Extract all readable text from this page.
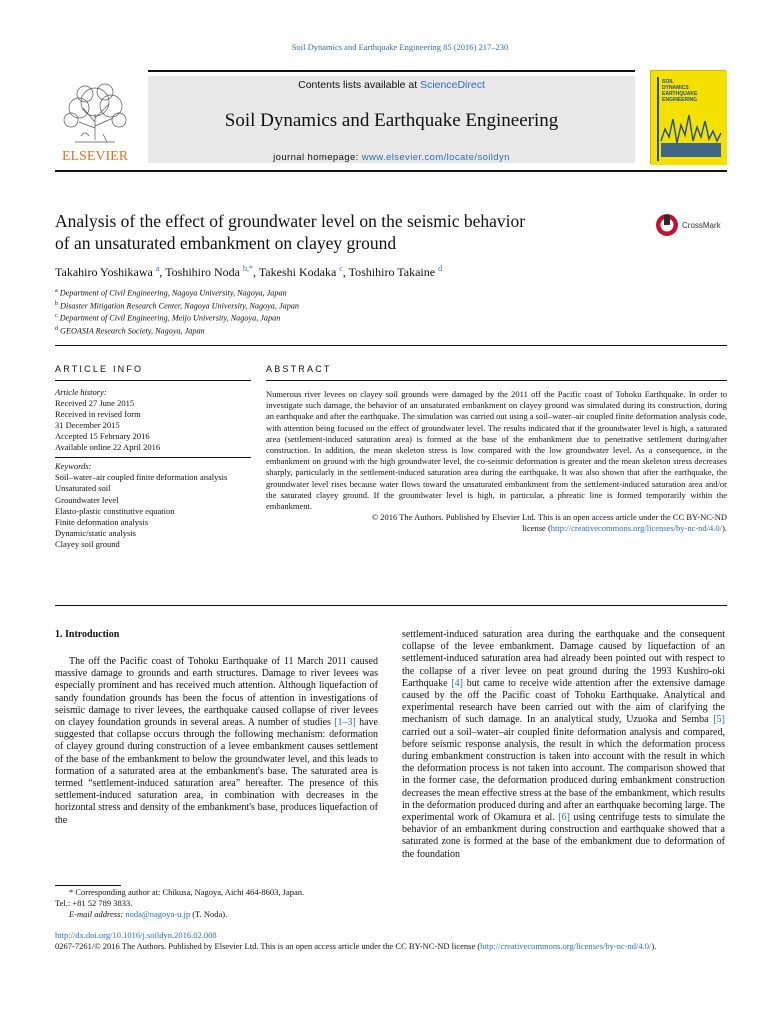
Soil Dynamics and Earthquake Engineering 85 (2016) 217–230
ELSEVIER
Contents lists available at ScienceDirect
Soil Dynamics and Earthquake Engineering
journal homepage: www.elsevier.com/locate/soildyn
SOIL
DYNAMICS
EARTHQUAKE
ENGINEERING
Analysis of the effect of groundwater level on the seismic behavior
of an unsaturated embankment on clayey ground
CrossMark
Takahiro Yoshikawa $^a$, Toshihiro Noda $^{b,*}$, Takeshi Kodaka $^c$, Toshihiro Takaine $^d$
$^a$ Department of Civil Engineering, Nagoya University, Nagoya, Japan
$^b$ Disaster Mitigation Research Center, Nagoya University, Nagoya, Japan
$^c$ Department of Civil Engineering, Meijo University, Nagoya, Japan
$^d$ GEOASIA Research Society, Nagoya, Japan
ARTICLE INFO
Article history:
Received 27 June 2015
Received in revised form
31 December 2015
Accepted 15 February 2016
Available online 22 April 2016
Keywords:
Soil–water–air coupled finite deformation analysis
Unsaturated soil
Groundwater level
Elasto-plastic constitutive equation
Finite deformation analysis
Dynamic/static analysis
Clayey soil ground
ABSTRACT
Numerous river levees on clayey soil grounds were damaged by the 2011 off the Pacific coast of Tohoku Earthquake. In order to investigate such damage, the behavior of an unsaturated embankment on clayey ground was simulated during its construction, during an earthquake and after the earthquake. The simulation was carried out using a soil–water–air coupled finite deformation analysis code, with attention being focused on the effect of groundwater level. The results indicated that if the groundwater level is high, a saturated area (settlement-induced saturation area) is formed at the base of the embankment due to penetrative settlement during/after construction. In addition, the mean skeleton stress is low compared with the low groundwater level. As a consequence, in the embankment on ground with the high groundwater level, the co-seismic deformation is greater and the mean skeleton stress decreases sharply, particularly in the settlement-induced saturation area during the earthquake. It was also shown that after the earthquake, the groundwater level rises because water flows toward the unsaturated embankment from the settlement-induced saturation area and/or the saturated clayey ground. If the groundwater level is high, in particular, a phreatic line is formed temporarily within the embankment.
© 2016 The Authors. Published by Elsevier Ltd. This is an open access article under the CC BY-NC-ND
license (http://creativecommons.org/licenses/by-nc-nd/4.0/).
1. Introduction

The off the Pacific coast of Tohoku Earthquake of 11 March 2011 caused massive damage to grounds and earth structures. Damage to river levees was especially prominent and has received much attention. Although liquefaction of sandy foundation grounds has been the focus of attention in investigations of seismic damage to river levees, the earthquake caused collapse of river levees on clayey foundation grounds in several areas. A number of studies [1–3] have suggested that collapse occurs through the following mechanism: deformation of clayey ground during construction of a levee embankment causes settlement of the base of the embankment to below the groundwater level, and this leads to formation of a saturated area at the embankment's base. The saturated area is termed “settlement-induced saturation area” hereafter. The presence of this settlement-induced saturation area, in combination with decreases in the horizontal stress and density of the embankment's base, produces liquefaction of the

settlement-induced saturation area during the earthquake and the consequent collapse of the levee embankment. Damage caused by liquefaction of an settlement-induced saturation area had already been pointed out with respect to the collapse of a river levee on peat ground during the 1993 Kushiro-oki Earthquake [4] but came to receive wide attention after the extensive damage caused by the off the Pacific coast of Tohoku Earthquake. Analytical and experimental research have been carried out with the aim of clarifying the mechanism of such damage. In an analytical study, Uzuoka and Semba [5] carried out a soil–water–air coupled finite deformation analysis and compared, before seismic response analysis, the result in which the deformation process during embankment construction is taken into account with the result in which the deformation process is not taken into account. The comparison showed that in the former case, the deformation produced during embankment construction decreases the mean effective stress at the base of the embankment, which results in the deformation produced during and after an earthquake becoming large. The experimental work of Okamura et al. [6] using centrifuge tests to simulate the behavior of an embankment during construction and earthquake showed that a saturated zone is formed at the base of the embankment due to deformation of the foundation
* Corresponding author at: Chikusa, Nagoya, Aichi 464-8603, Japan.
Tel.: +81 52 789 3833.
E-mail address: noda@nagoya-u.jp (T. Noda).
http://dx.doi.org/10.1016/j.soildyn.2016.02.008
0267-7261/© 2016 The Authors. Published by Elsevier Ltd. This is an open access article under the CC BY-NC-ND license (http://creativecommons.org/licenses/by-nc-nd/4.0/).
